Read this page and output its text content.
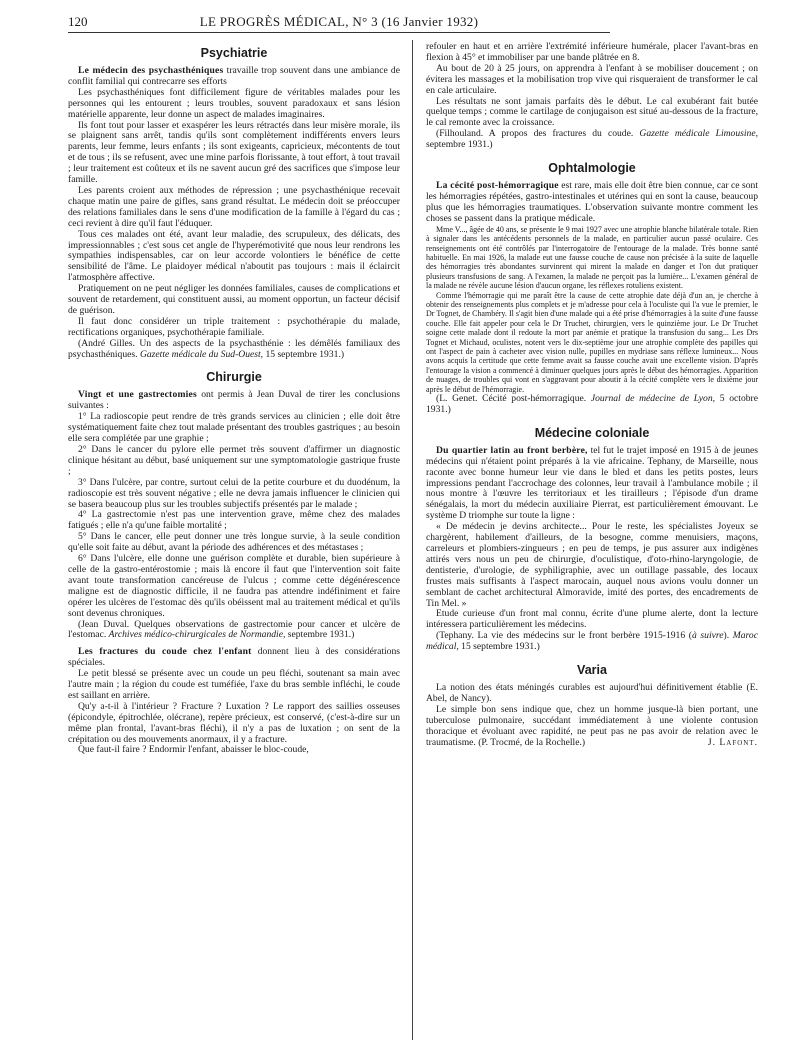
120	LE PROGRÈS MÉDICAL, N° 3 (16 Janvier 1932)
Psychiatrie

Le médecin des psychasthéniques travaille trop souvent dans une ambiance de conflit familial qui contrecarre ses efforts

Les psychasthéniques font difficilement figure de véritables malades pour les personnes qui les entourent ; leurs troubles, souvent paradoxaux et sans lésion matérielle apparente, leur donne un aspect de malades imaginaires.

Ils font tout pour lasser et exaspérer les leurs rétractés dans leur misère morale, ils se plaignent sans arrêt, tandis qu'ils sont complètement indifférents envers leurs parents, leur femme, leurs enfants ; ils sont exigeants, capricieux, mécontents de tout et de tous ; ils se refusent, avec une mine parfois florissante, à tout effort, à tout travail ; leur traitement est coûteux et ils ne savent aucun gré des sacrifices que s'impose leur famille.

Les parents croient aux méthodes de répression ; une psychasthénique recevait chaque matin une paire de gifles, sans grand résultat. Le médecin doit se préoccuper des relations familiales dans le sens d'une modification de la famille à l'égard du cas ; ceci revient à dire qu'il faut l'éduquer.

Tous ces malades ont été, avant leur maladie, des scrupuleux, des délicats, des impressionnables ; c'est sous cet angle de l'hyperémotivité que nous leur rendrons les sympathies indispensables, car on leur accorde volontiers le bénéfice de cette sensibilité de l'âme. Le plaidoyer médical n'aboutit pas toujours : mais il éclaircit l'atmosphère affective.

Pratiquement on ne peut négliger les données familiales, causes de complications et souvent de retardement, qui constituent aussi, au moment opportun, un facteur décisif de guérison.

Il faut donc considérer un triple traitement : psychothérapie du malade, rectifications organiques, psychothérapie familiale.

(André Gilles. Un des aspects de la psychasthénie : les démêlés familiaux des psychasthéniques. Gazette médicale du Sud-Ouest, 15 septembre 1931.)

Chirurgie

Vingt et une gastrectomies ont permis à Jean Duval de tirer les conclusions suivantes :

1° La radioscopie peut rendre de très grands services au clinicien ; elle doit être systématiquement faite chez tout malade présentant des troubles gastriques ; au besoin elle sera complétée par une graphie ;

2° Dans le cancer du pylore elle permet très souvent d'affirmer un diagnostic clinique hésitant au début, basé uniquement sur une symptomatologie gastrique fruste ;

3° Dans l'ulcère, par contre, surtout celui de la petite courbure et du duodénum, la radioscopie est très souvent négative ; elle ne devra jamais influencer le clinicien qui se basera beaucoup plus sur les troubles subjectifs présentés par le malade ;

4° La gastrectomie n'est pas une intervention grave, même chez des malades fatigués ; elle n'a qu'une faible mortalité ;

5° Dans le cancer, elle peut donner une très longue survie, à la seule condition qu'elle soit faite au début, avant la période des adhérences et des métastases ;

6° Dans l'ulcère, elle donne une guérison complète et durable, bien supérieure à celle de la gastro-entérostomie ; mais là encore il faut que l'intervention soit faite avant toute transformation cancéreuse de l'ulcus ; comme cette dégénérescence maligne est de diagnostic difficile, il ne faudra pas attendre indéfiniment et faire opérer les ulcères de l'estomac dès qu'ils obéissent mal au traitement médical et qu'ils sont devenus chroniques.

(Jean Duval. Quelques observations de gastrectomie pour cancer et ulcère de l'estomac. Archives médico-chirurgicales de Normandie, septembre 1931.)

Les fractures du coude chez l'enfant donnent lieu à des considérations spéciales.

Le petit blessé se présente avec un coude un peu fléchi, soutenant sa main avec l'autre main ; la région du coude est tuméfiée, l'axe du bras semble infléchi, le coude est saillant en arrière.

Qu'y a-t-il à l'intérieur ? Fracture ? Luxation ? Le rapport des saillies osseuses (épicondyle, épitrochlée, olécrane), repère précieux, est conservé, (c'est-à-dire sur un même plan frontal, l'avant-bras fléchi), il n'y a pas de luxation ; on sent de la crépitation ou des mouvements anormaux, il y a fracture.

Que faut-il faire ? Endormir l'enfant, abaisser le bloc-coude,

refouler en haut et en arrière l'extrémité inférieure humérale, placer l'avant-bras en flexion à 45° et immobiliser par une bande plâtrée en 8.

Au bout de 20 à 25 jours, on apprendra à l'enfant à se mobiliser doucement ; on évitera les massages et la mobilisation trop vive qui risqueraient de transformer le cal en cale articulaire.

Les résultats ne sont jamais parfaits dès le début. Le cal exubérant fait butée quelque temps ; comme le cartilage de conjugaison est situé au-dessous de la fracture, le cal remonte avec la croissance.

(Filhouland. A propos des fractures du coude. Gazette médicale Limousine, septembre 1931.)

Ophtalmologie

La cécité post-hémorragique est rare, mais elle doit être bien connue, car ce sont les hémorragies répétées, gastro-intestinales et utérines qui en sont la cause, beaucoup plus que les hémorragies traumatiques. L'observation suivante montre comment les choses se passent dans la pratique médicale.

Mme V..., âgée de 40 ans, se présente le 9 mai 1927 avec une atrophie blanche bilatérale totale. Rien à signaler dans les antécédents personnels de la malade, en particulier aucun passé oculaire. Ces renseignements ont été contrôlés par l'interrogatoire de l'entourage de la malade. Très bonne santé habituelle. En mai 1926, la malade eut une fausse couche de cause non précisée à la suite de laquelle des hémorragies très abondantes survinrent qui mirent la malade en danger et l'on dut pratiquer plusieurs transfusions de sang. A l'examen, la malade ne perçoit pas la lumière... L'examen général de la malade ne révèle aucune lésion d'aucun organe, les réflexes rotuliens existent.

Comme l'hémorragie qui me paraît être la cause de cette atrophie date déjà d'un an, je cherche à obtenir des renseignements plus complets et je m'adresse pour cela à l'oculiste qui l'a vue le premier, le Dr Tognet, de Chambéry. Il s'agit bien d'une malade qui a été prise d'hémorragies à la suite d'une fausse couche. Elle fait appeler pour cela le Dr Truchet, chirurgien, vers le quinzième jour. Le Dr Truchet soigne cette malade dont il redoute la mort par anémie et pratique la transfusion du sang... Les Drs Tognet et Michaud, oculistes, notent vers le dix-septième jour une atrophie complète des papilles qui ont l'aspect de pain à cacheter avec vision nulle, pupilles en mydriase sans réflexe lumineux... Nous avons acquis la certitude que cette femme avait sa fausse couche avait une excellente vision. D'après l'entourage la vision a commencé à diminuer quelques jours après le début des hémorragies. Apparition de nuages, de troubles qui vont en s'aggravant pour aboutir à la cécité complète vers le dixième jour après le début de l'hémorragie.

(L. Genet. Cécité post-hémorragique. Journal de médecine de Lyon, 5 octobre 1931.)

Médecine coloniale

Du quartier latin au front berbère, tel fut le trajet imposé en 1915 à de jeunes médecins qui n'étaient point préparés à la vie africaine. Tephany, de Marseille, nous raconte avec bonne humeur leur vie dans le bled et dans les petits postes, leurs impressions pendant l'accrochage des colonnes, leur travail à l'ambulance mobile ; il nous montre à l'œuvre les territoriaux et les tirailleurs ; l'épisode d'un drame sénégalais, la mort du médecin auxiliaire Pierrat, est particulièrement émouvant. Le système D triomphe sur toute la ligne :

« De médecin je devins architecte... Pour le reste, les spécialistes Joyeux se chargèrent, habilement d'ailleurs, de la besogne, comme menuisiers, maçons, carreleurs et plombiers-zingueurs ; en peu de temps, je pus assurer aux indigènes attirés vers nous un peu de chirurgie, d'oculistique, d'oto-rhino-laryngologie, de dentisterie, d'urologie, de syphiligraphie, avec un outillage passable, des locaux frustes mais suffisants à l'aspect marocain, auquel nous avions voulu donner un semblant de cachet architectural Almoravide, imité des portes, des encadrements de Tin Mel. »

Etude curieuse d'un front mal connu, écrite d'une plume alerte, dont la lecture intéressera particulièrement les médecins.

(Tephany. La vie des médecins sur le front berbère 1915-1916 (à suivre). Maroc médical, 15 septembre 1931.)

Varia

La notion des états méningés curables est aujourd'hui définitivement établie (E. Abel, de Nancy).

Le simple bon sens indique que, chez un homme jusque-là bien portant, une tuberculose pulmonaire, succédant immédiatement à une violente contusion thoracique et évoluant avec rapidité, ne peut pas ne pas avoir de relation avec le traumatisme. (P. Trocmé, de la Rochelle.)	J. Lafont.
